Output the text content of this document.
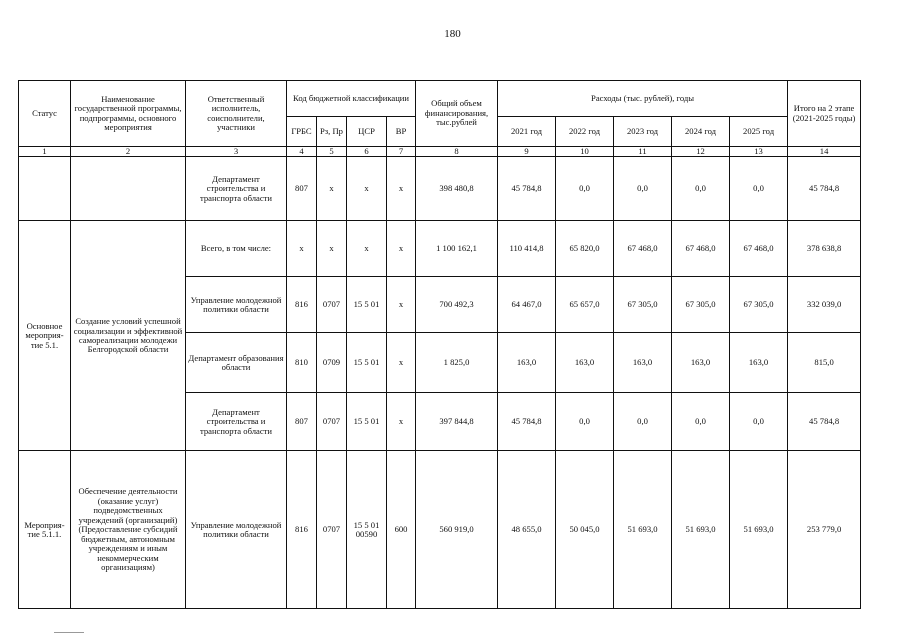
180
Статус	Наименование государственной программы, подпрограммы, основного мероприятия	Ответственный исполнитель, соисполнители, участники	Код бюджетной классификации				Общий объем финансирования, тыс.рублей	Расходы (тыс. рублей), годы					Итого на 2 этапе (2021-2025 годы)
			ГРБС	Рз, Пр	ЦСР	ВР		2021 год	2022 год	2023 год	2024 год	2025 год	
1	2	3	4	5	6	7	8	9	10	11	12	13	14
		Департамент строительства и транспорта области	807	х	х	х	398 480,8	45 784,8	0,0	0,0	0,0	0,0	45 784,8
Основное мероприя-тие 5.1.	Создание условий успешной социализации и эффективной самореализации молодежи Белгородской области	Всего, в том числе:	х	х	х	х	1 100 162,1	110 414,8	65 820,0	67 468,0	67 468,0	67 468,0	378 638,8
		Управление молодежной политики области	816	0707	15 5 01	х	700 492,3	64 467,0	65 657,0	67 305,0	67 305,0	67 305,0	332 039,0
		Департамент образования области	810	0709	15 5 01	х	1 825,0	163,0	163,0	163,0	163,0	163,0	815,0
		Департамент строительства и транспорта области	807	0707	15 5 01	х	397 844,8	45 784,8	0,0	0,0	0,0	0,0	45 784,8
Мероприя-тие 5.1.1.	Обеспечение деятельности (оказание услуг) подведомственных учреждений (организаций) (Предоставление субсидий бюджетным, автономным учреждениям и иным некоммерческим организациям)	Управление молодежной политики области	816	0707	15 5 01 00590	600	560 919,0	48 655,0	50 045,0	51 693,0	51 693,0	51 693,0	253 779,0
